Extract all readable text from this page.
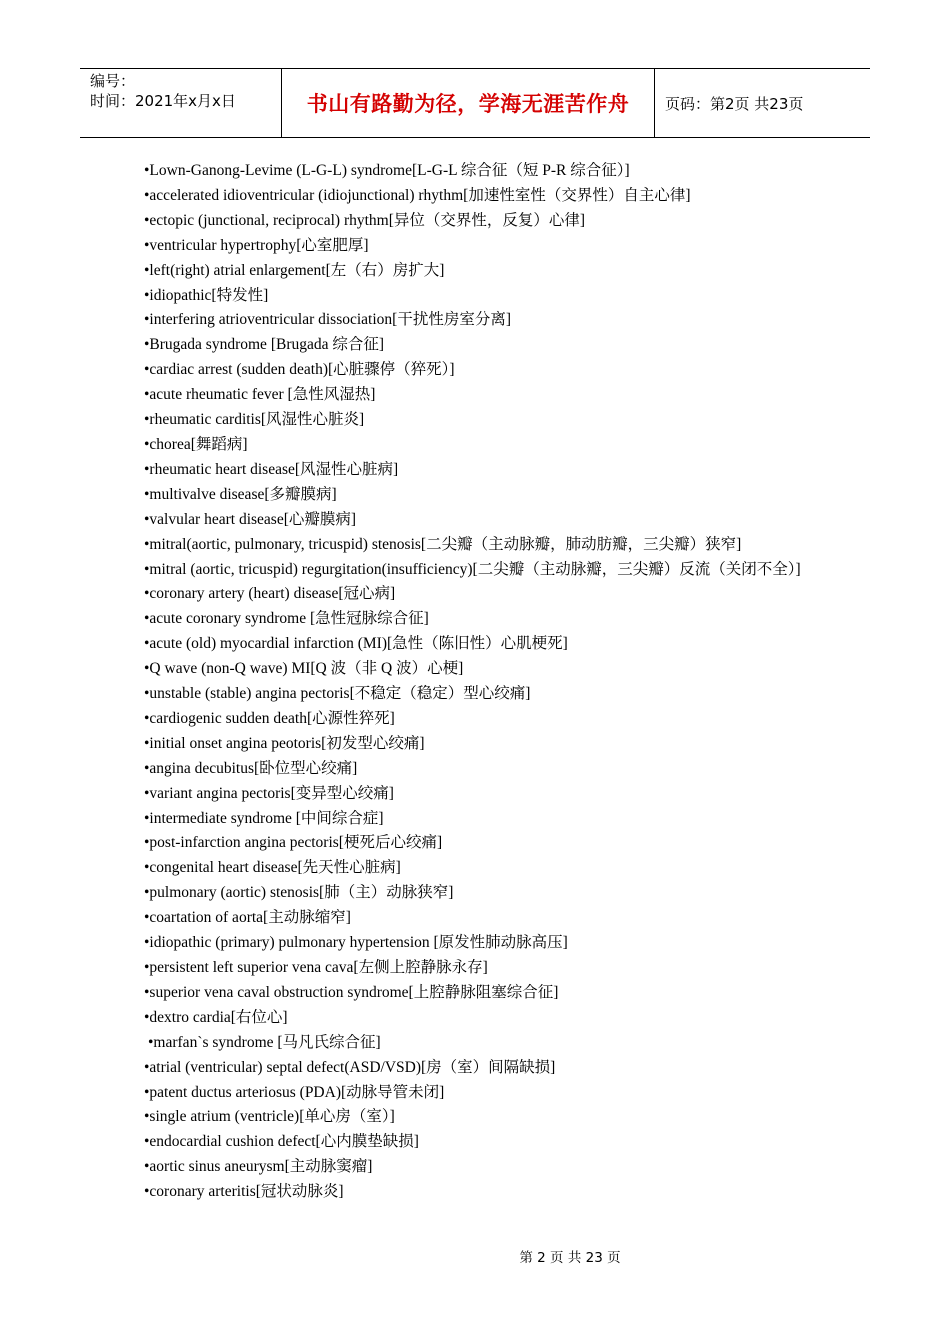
编号：
时间：2021年x月x日	书山有路勤为径，学海无涯苦作舟	页码：第2页 共23页
•Lown-Ganong-Levime (L-G-L) syndrome[L-G-L 综合征（短 P-R 综合征）]
•accelerated idioventricular (idiojunctional) rhythm[加速性室性（交界性）自主心律]
•ectopic (junctional, reciprocal) rhythm[异位（交界性，反复）心律]
•ventricular hypertrophy[心室肥厚]
•left(right) atrial enlargement[左（右）房扩大]
•idiopathic[特发性]
•interfering atrioventricular dissociation[干扰性房室分离]
•Brugada syndrome [Brugada 综合征]
•cardiac arrest (sudden death)[心脏骤停（猝死）]
•acute rheumatic fever [急性风湿热]
•rheumatic carditis[风湿性心脏炎]
•chorea[舞蹈病]
•rheumatic heart disease[风湿性心脏病]
•multivalve disease[多瓣膜病]
•valvular heart disease[心瓣膜病]
•mitral(aortic, pulmonary, tricuspid) stenosis[二尖瓣（主动脉瓣，肺动肪瓣，三尖瓣）狭窄]
•mitral (aortic, tricuspid) regurgitation(insufficiency)[二尖瓣（主动脉瓣，三尖瓣）反流（关闭不全）]
•coronary artery (heart) disease[冠心病]
•acute coronary syndrome [急性冠脉综合征]
•acute (old) myocardial infarction (MI)[急性（陈旧性）心肌梗死]
•Q wave (non-Q wave) MI[Q 波（非 Q 波）心梗]
•unstable (stable) angina pectoris[不稳定（稳定）型心绞痛]
•cardiogenic sudden death[心源性猝死]
•initial onset angina peotoris[初发型心绞痛]
•angina decubitus[卧位型心绞痛]
•variant angina pectoris[变异型心绞痛]
•intermediate syndrome [中间综合症]
•post-infarction angina pectoris[梗死后心绞痛]
•congenital heart disease[先天性心脏病]
•pulmonary (aortic) stenosis[肺（主）动脉狭窄]
•coartation of aorta[主动脉缩窄]
•idiopathic (primary) pulmonary hypertension [原发性肺动脉高压]
•persistent left superior vena cava[左侧上腔静脉永存]
•superior vena caval obstruction syndrome[上腔静脉阻塞综合征]
•dextro cardia[右位心]
•marfan`s syndrome [马凡氏综合征]
•atrial (ventricular) septal defect(ASD/VSD)[房（室）间隔缺损]
•patent ductus arteriosus (PDA)[动脉导管未闭]
•single atrium (ventricle)[单心房（室）]
•endocardial cushion defect[心内膜垫缺损]
•aortic sinus aneurysm[主动脉窦瘤]
•coronary arteritis[冠状动脉炎]
第 2 页 共 23 页
